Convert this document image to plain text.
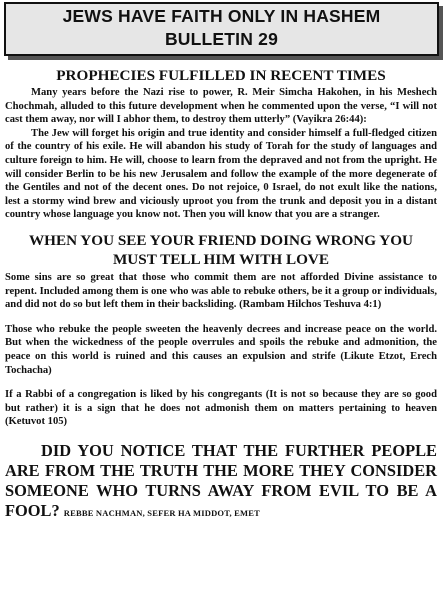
JEWS HAVE FAITH ONLY IN HASHEM
BULLETIN 29
PROPHECIES FULFILLED IN RECENT TIMES

Many years before the Nazi rise to power, R. Meir Simcha Hakohen, in his Meshech Chochmah, alluded to this future development when he commented upon the verse, “I will not cast them away, nor will I abhor them, to destroy them utterly” (Vayikra 26:44):

The Jew will forget his origin and true identity and consider himself a full-fledged citizen of the country of his exile. He will abandon his study of Torah for the study of languages and culture foreign to him. He will, choose to learn from the depraved and not from the upright. He will consider Berlin to be his new Jerusalem and follow the example of the more degenerate of the Gentiles and not of the decent ones. Do not rejoice, 0 Israel, do not exult like the nations, lest a stormy wind brew and viciously uproot you from the trunk and deposit you in a distant country whose language you know not. Then you will know that you are a stranger.

WHEN YOU SEE YOUR FRIEND DOING WRONG YOU
MUST TELL HIM WITH LOVE

Some sins are so great that those who commit them are not afforded Divine assistance to repent. Included among them is one who was able to rebuke others, be it a group or individuals, and did not do so but left them in their backsliding. (Rambam Hilchos Teshuva 4:1)

Those who rebuke the people sweeten the heavenly decrees and increase peace on the world. But when the wickedness of the people overrules and spoils the rebuke and admonition, the peace on this world is ruined and this causes an expulsion and strife (Likute Etzot, Erech Tochacha)

If a Rabbi of a congregation is liked by his congregants (It is not so because they are so good but rather) it is a sign that he does not admonish them on matters pertaining to heaven (Ketuvot 105)

DID YOU NOTICE THAT THE FURTHER PEOPLE ARE FROM THE TRUTH THE MORE THEY CONSIDER SOMEONE WHO TURNS AWAY FROM EVIL TO BE A FOOL? REBBE NACHMAN, SEFER HA MIDDOT, EMET
